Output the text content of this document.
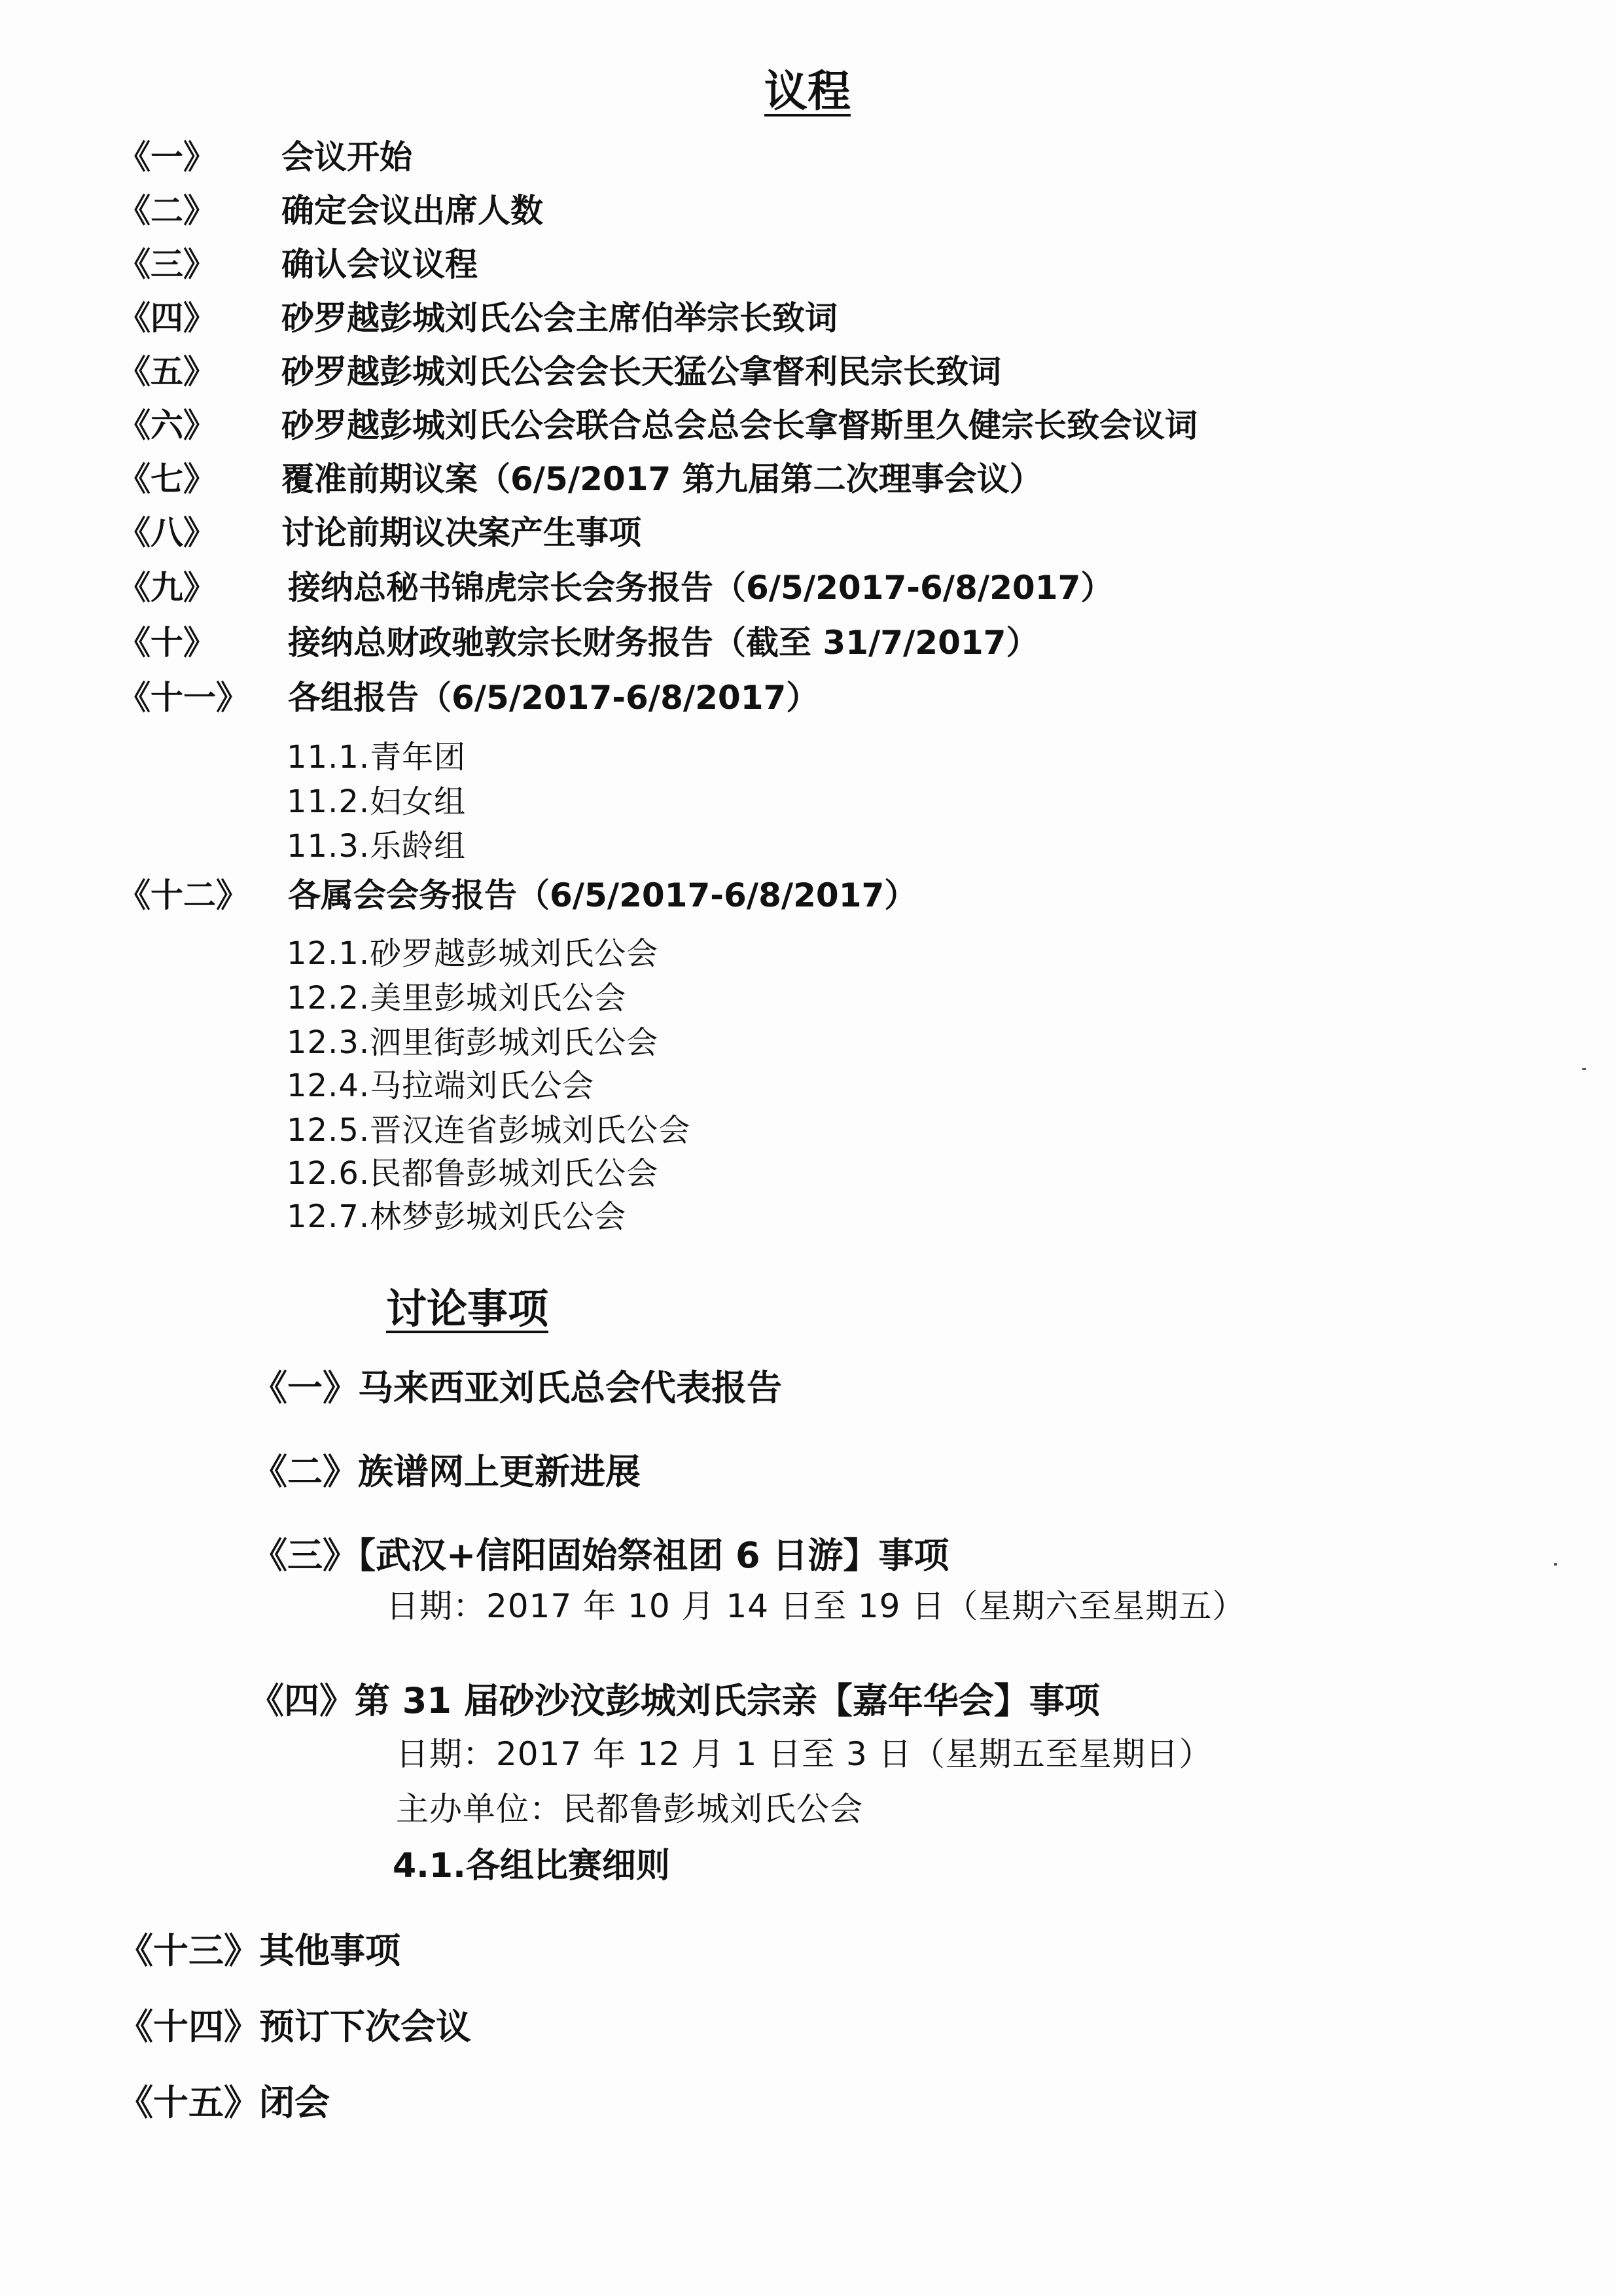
议程
《一》 会议开始
《二》 确定会议出席人数
《三》 确认会议议程
《四》 砂罗越彭城刘氏公会主席伯举宗长致词
《五》 砂罗越彭城刘氏公会会长天猛公拿督利民宗长致词
《六》 砂罗越彭城刘氏公会联合总会总会长拿督斯里久健宗长致会议词
《七》 覆准前期议案（6/5/2017 第九届第二次理事会议）
《八》 讨论前期议决案产生事项
《九》 接纳总秘书锦虎宗长会务报告（6/5/2017-6/8/2017）
《十》 接纳总财政驰敦宗长财务报告（截至 31/7/2017）
《十一》 各组报告（6/5/2017-6/8/2017）
11.1.青年团
11.2.妇女组
11.3.乐龄组
《十二》 各属会会务报告（6/5/2017-6/8/2017）
12.1.砂罗越彭城刘氏公会
12.2.美里彭城刘氏公会
12.3.泗里街彭城刘氏公会
12.4.马拉端刘氏公会
12.5.晋汉连省彭城刘氏公会
12.6.民都鲁彭城刘氏公会
12.7.林梦彭城刘氏公会
讨论事项
《一》马来西亚刘氏总会代表报告
《二》族谱网上更新进展
《三》【武汉+信阳固始祭祖团 6 日游】事项
日期：2017 年 10 月 14 日至 19 日（星期六至星期五）
《四》第 31 届砂沙汶彭城刘氏宗亲【嘉年华会】事项
日期：2017 年 12 月 1 日至 3 日（星期五至星期日）
主办单位：民都鲁彭城刘氏公会
4.1.各组比赛细则
《十三》其他事项
《十四》预订下次会议
《十五》闭会
